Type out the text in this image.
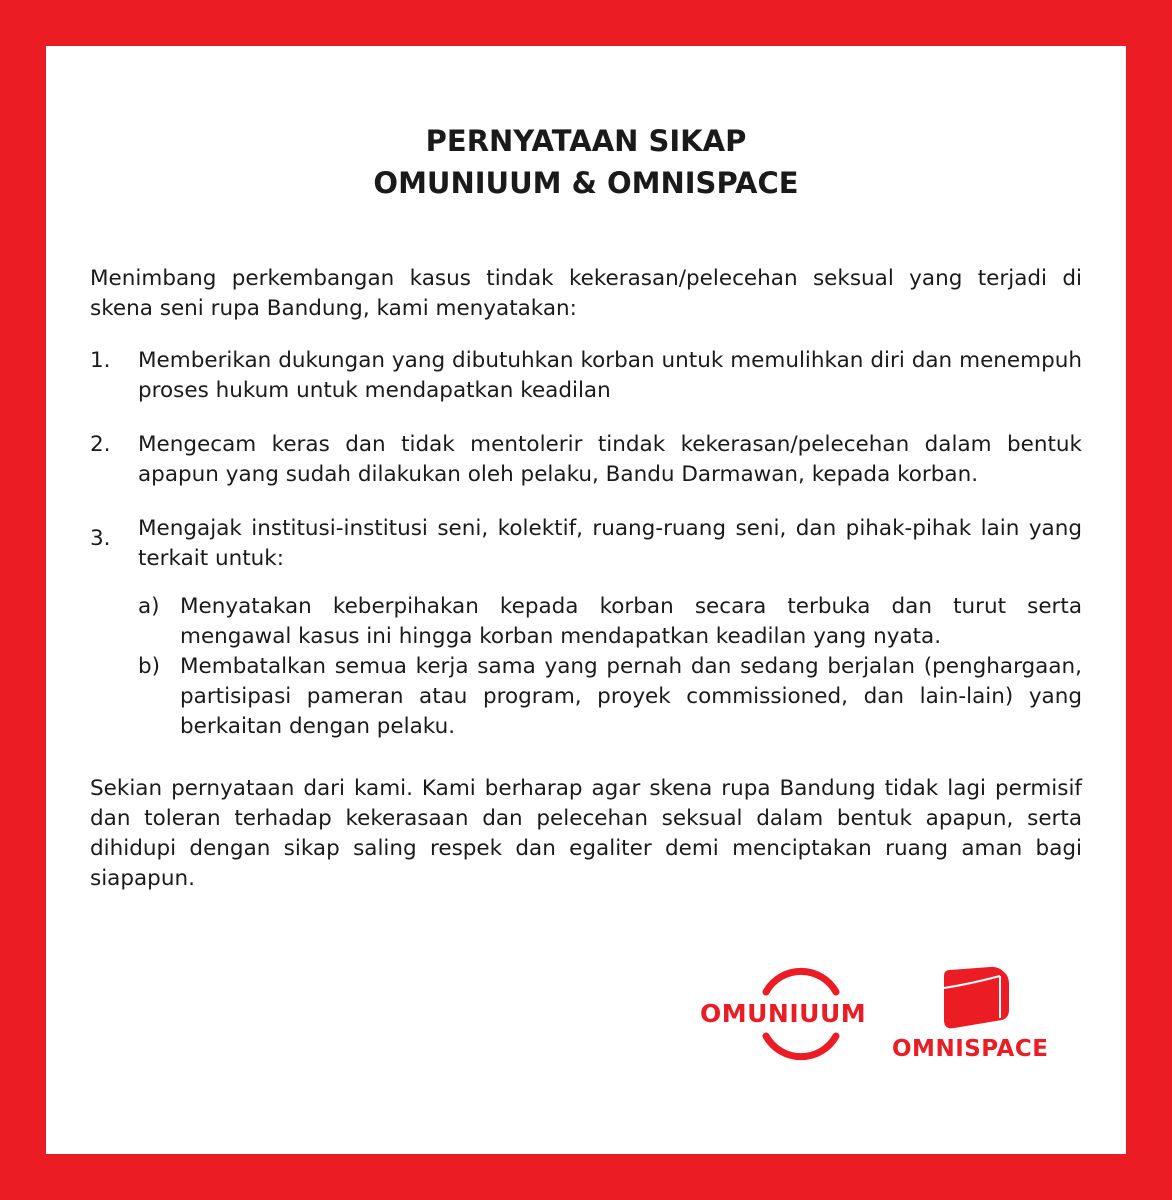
PERNYATAAN SIKAP
OMUNIUUM & OMNISPACE

Menimbang perkembangan kasus tindak kekerasan/pelecehan seksual yang terjadi di skena seni rupa Bandung, kami menyatakan:

1.	Memberikan dukungan yang dibutuhkan korban untuk memulihkan diri dan menempuh proses hukum untuk mendapatkan keadilan
2.	Mengecam keras dan tidak mentolerir tindak kekerasan/pelecehan dalam bentuk apapun yang sudah dilakukan oleh pelaku, Bandu Darmawan, kepada korban.
3.	Mengajak institusi-institusi seni, kolektif, ruang-ruang seni, dan pihak-pihak lain yang terkait untuk:
a) Menyatakan keberpihakan kepada korban secara terbuka dan turut serta mengawal kasus ini hingga korban mendapatkan keadilan yang nyata.
b) Membatalkan semua kerja sama yang pernah dan sedang berjalan (penghargaan, partisipasi pameran atau program, proyek commissioned, dan lain-lain) yang berkaitan dengan pelaku.

Sekian pernyataan dari kami. Kami berharap agar skena rupa Bandung tidak lagi permisif dan toleran terhadap kekerasaan dan pelecehan seksual dalam bentuk apapun, serta dihidupi dengan sikap saling respek dan egaliter demi menciptakan ruang aman bagi siapapun.

OMUNIUUM
OMNISPACE
